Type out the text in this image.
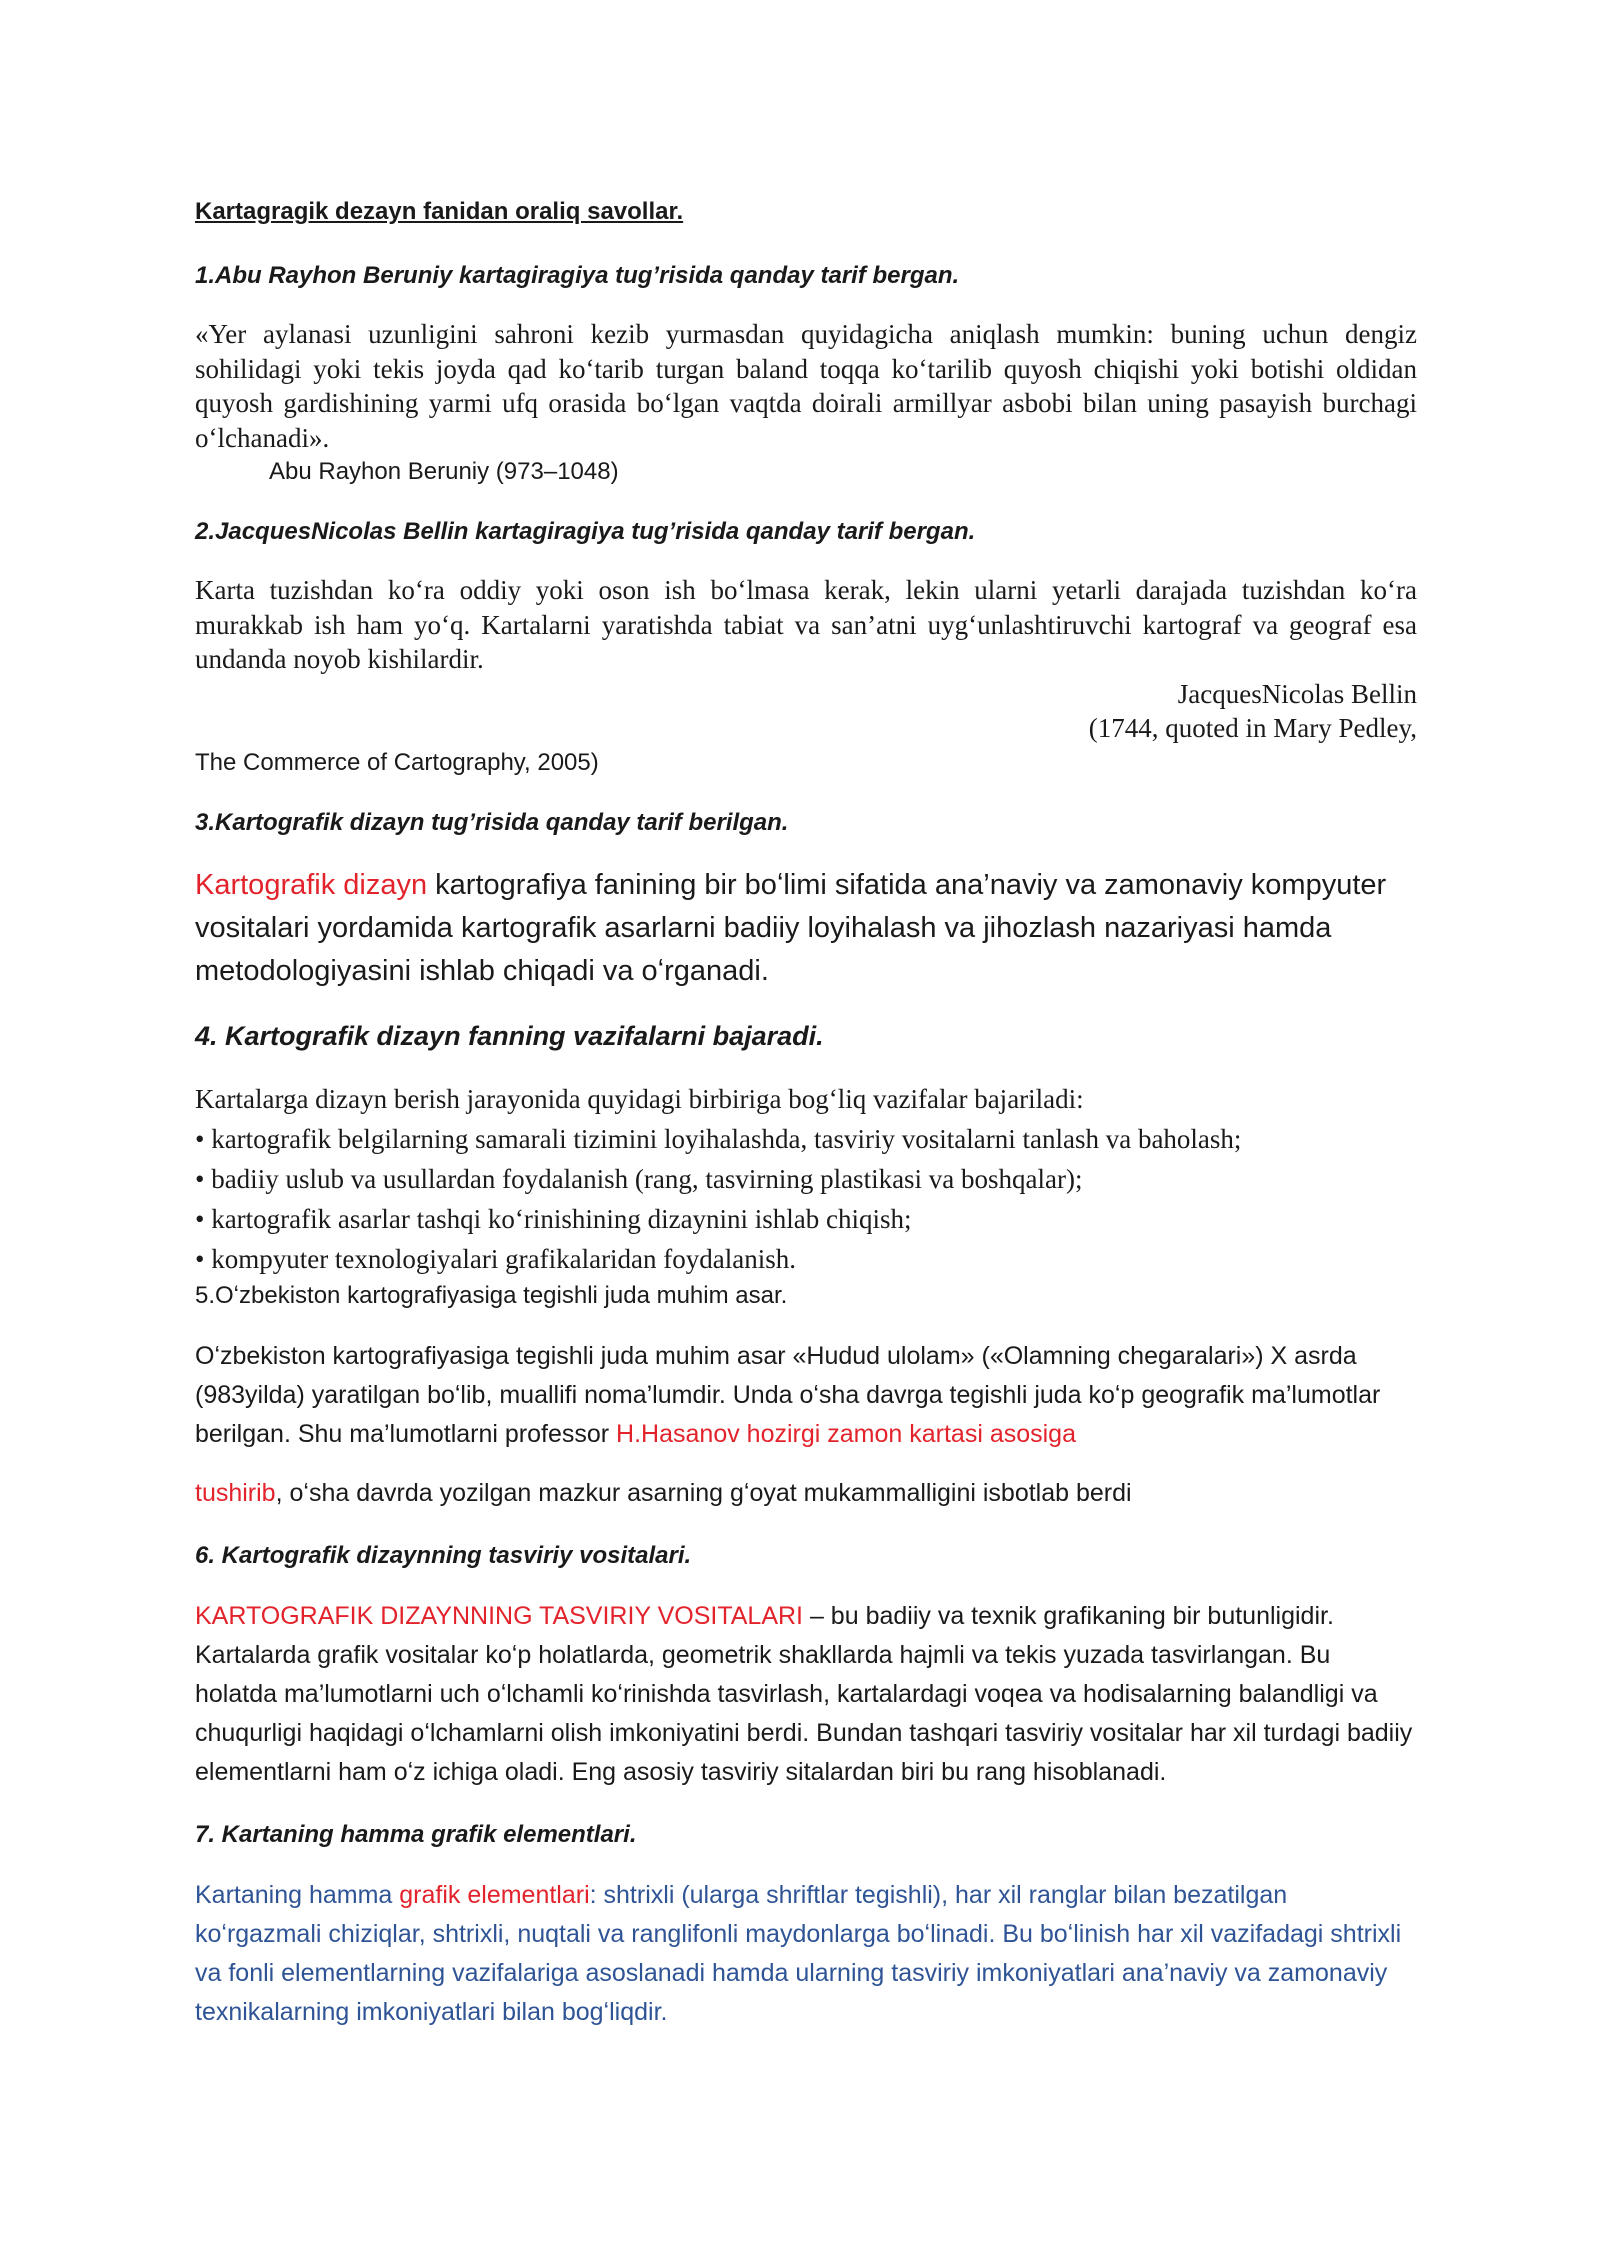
Kartagragik dezayn fanidan oraliq savollar.

1.Abu Rayhon Beruniy kartagiragiya tug’risida qanday tarif bergan.

«Yer aylanasi uzunligini sahroni kezib yurmasdan quyidagicha aniqlash mumkin: buning uchun dengiz sohilidagi yoki tekis joyda qad koʻtarib turgan baland toqqa koʻtarilib quyosh chiqishi yoki botishi oldidan quyosh gardishining yarmi ufq orasida boʻlgan vaqtda doirali armillyar asbobi bilan uning pasayish burchagi oʻlchanadi».

Abu Rayhon Beruniy (973–1048)

2.JacquesNicolas Bellin kartagiragiya tug’risida qanday tarif bergan.

Karta tuzishdan koʻra oddiy yoki oson ish boʻlmasa kerak, lekin ularni yetarli darajada tuzishdan koʻra murakkab ish ham yoʻq. Kartalarni yaratishda tabiat va san’atni uygʻunlashtiruvchi kartograf va geograf esa undanda noyob kishilardir.

JacquesNicolas Bellin

(1744, quoted in Mary Pedley,

The Commerce of Cartography, 2005)

3.Kartografik dizayn tug’risida qanday tarif berilgan.

Kartografik dizayn kartografiya fanining bir boʻlimi sifatida ana’naviy va zamonaviy kompyuter vositalari yordamida kartografik asarlarni badiiy loyihalash va jihozlash nazariyasi hamda metodologiyasini ishlab chiqadi va oʻrganadi.

4. Kartografik dizayn fanning vazifalarni bajaradi.

Kartalarga dizayn berish jarayonida quyidagi birbiriga bogʻliq vazifalar bajariladi:

• kartografik belgilarning samarali tizimini loyihalashda, tasviriy vositalarni tanlash va baholash;

• badiiy uslub va usullardan foydalanish (rang, tasvirning plastikasi va boshqalar);

• kartografik asarlar tashqi koʻrinishining dizaynini ishlab chiqish;

• kompyuter texnologiyalari grafikalaridan foydalanish.

5.Oʻzbekiston kartografiyasiga tegishli juda muhim asar.

Oʻzbekiston kartografiyasiga tegishli juda muhim asar «Hudud ulolam» («Olamning chegaralari») X asrda (983yilda) yaratilgan boʻlib, muallifi noma’lumdir. Unda oʻsha davrga tegishli juda koʻp geografik ma’lumotlar berilgan. Shu ma’lumotlarni professor H.Hasanov hozirgi zamon kartasi asosiga

tushirib, oʻsha davrda yozilgan mazkur asarning gʻoyat mukammalligini isbotlab berdi

6. Kartografik dizaynning tasviriy vositalari.

KARTOGRAFIK DIZAYNNING TASVIRIY VOSITALARI – bu badiiy va texnik grafikaning bir butunligidir. Kartalarda grafik vositalar koʻp holatlarda, geometrik shakllarda hajmli va tekis yuzada tasvirlangan. Bu holatda ma’lumotlarni uch oʻlchamli koʻrinishda tasvirlash, kartalardagi voqea va hodisalarning balandligi va chuqurligi haqidagi oʻlchamlarni olish imkoniyatini berdi. Bundan tashqari tasviriy vositalar har xil turdagi badiiy elementlarni ham oʻz ichiga oladi. Eng asosiy tasviriy sitalardan biri bu rang hisoblanadi.

7. Kartaning hamma grafik elementlari.

Kartaning hamma grafik elementlari: shtrixli (ularga shriftlar tegishli), har xil ranglar bilan bezatilgan koʻrgazmali chiziqlar, shtrixli, nuqtali va ranglifonli maydonlarga boʻlinadi. Bu boʻlinish har xil vazifadagi shtrixli va fonli elementlarning vazifalariga asoslanadi hamda ularning tasviriy imkoniyatlari ana’naviy va zamonaviy texnikalarning imkoniyatlari bilan bogʻliqdir.
